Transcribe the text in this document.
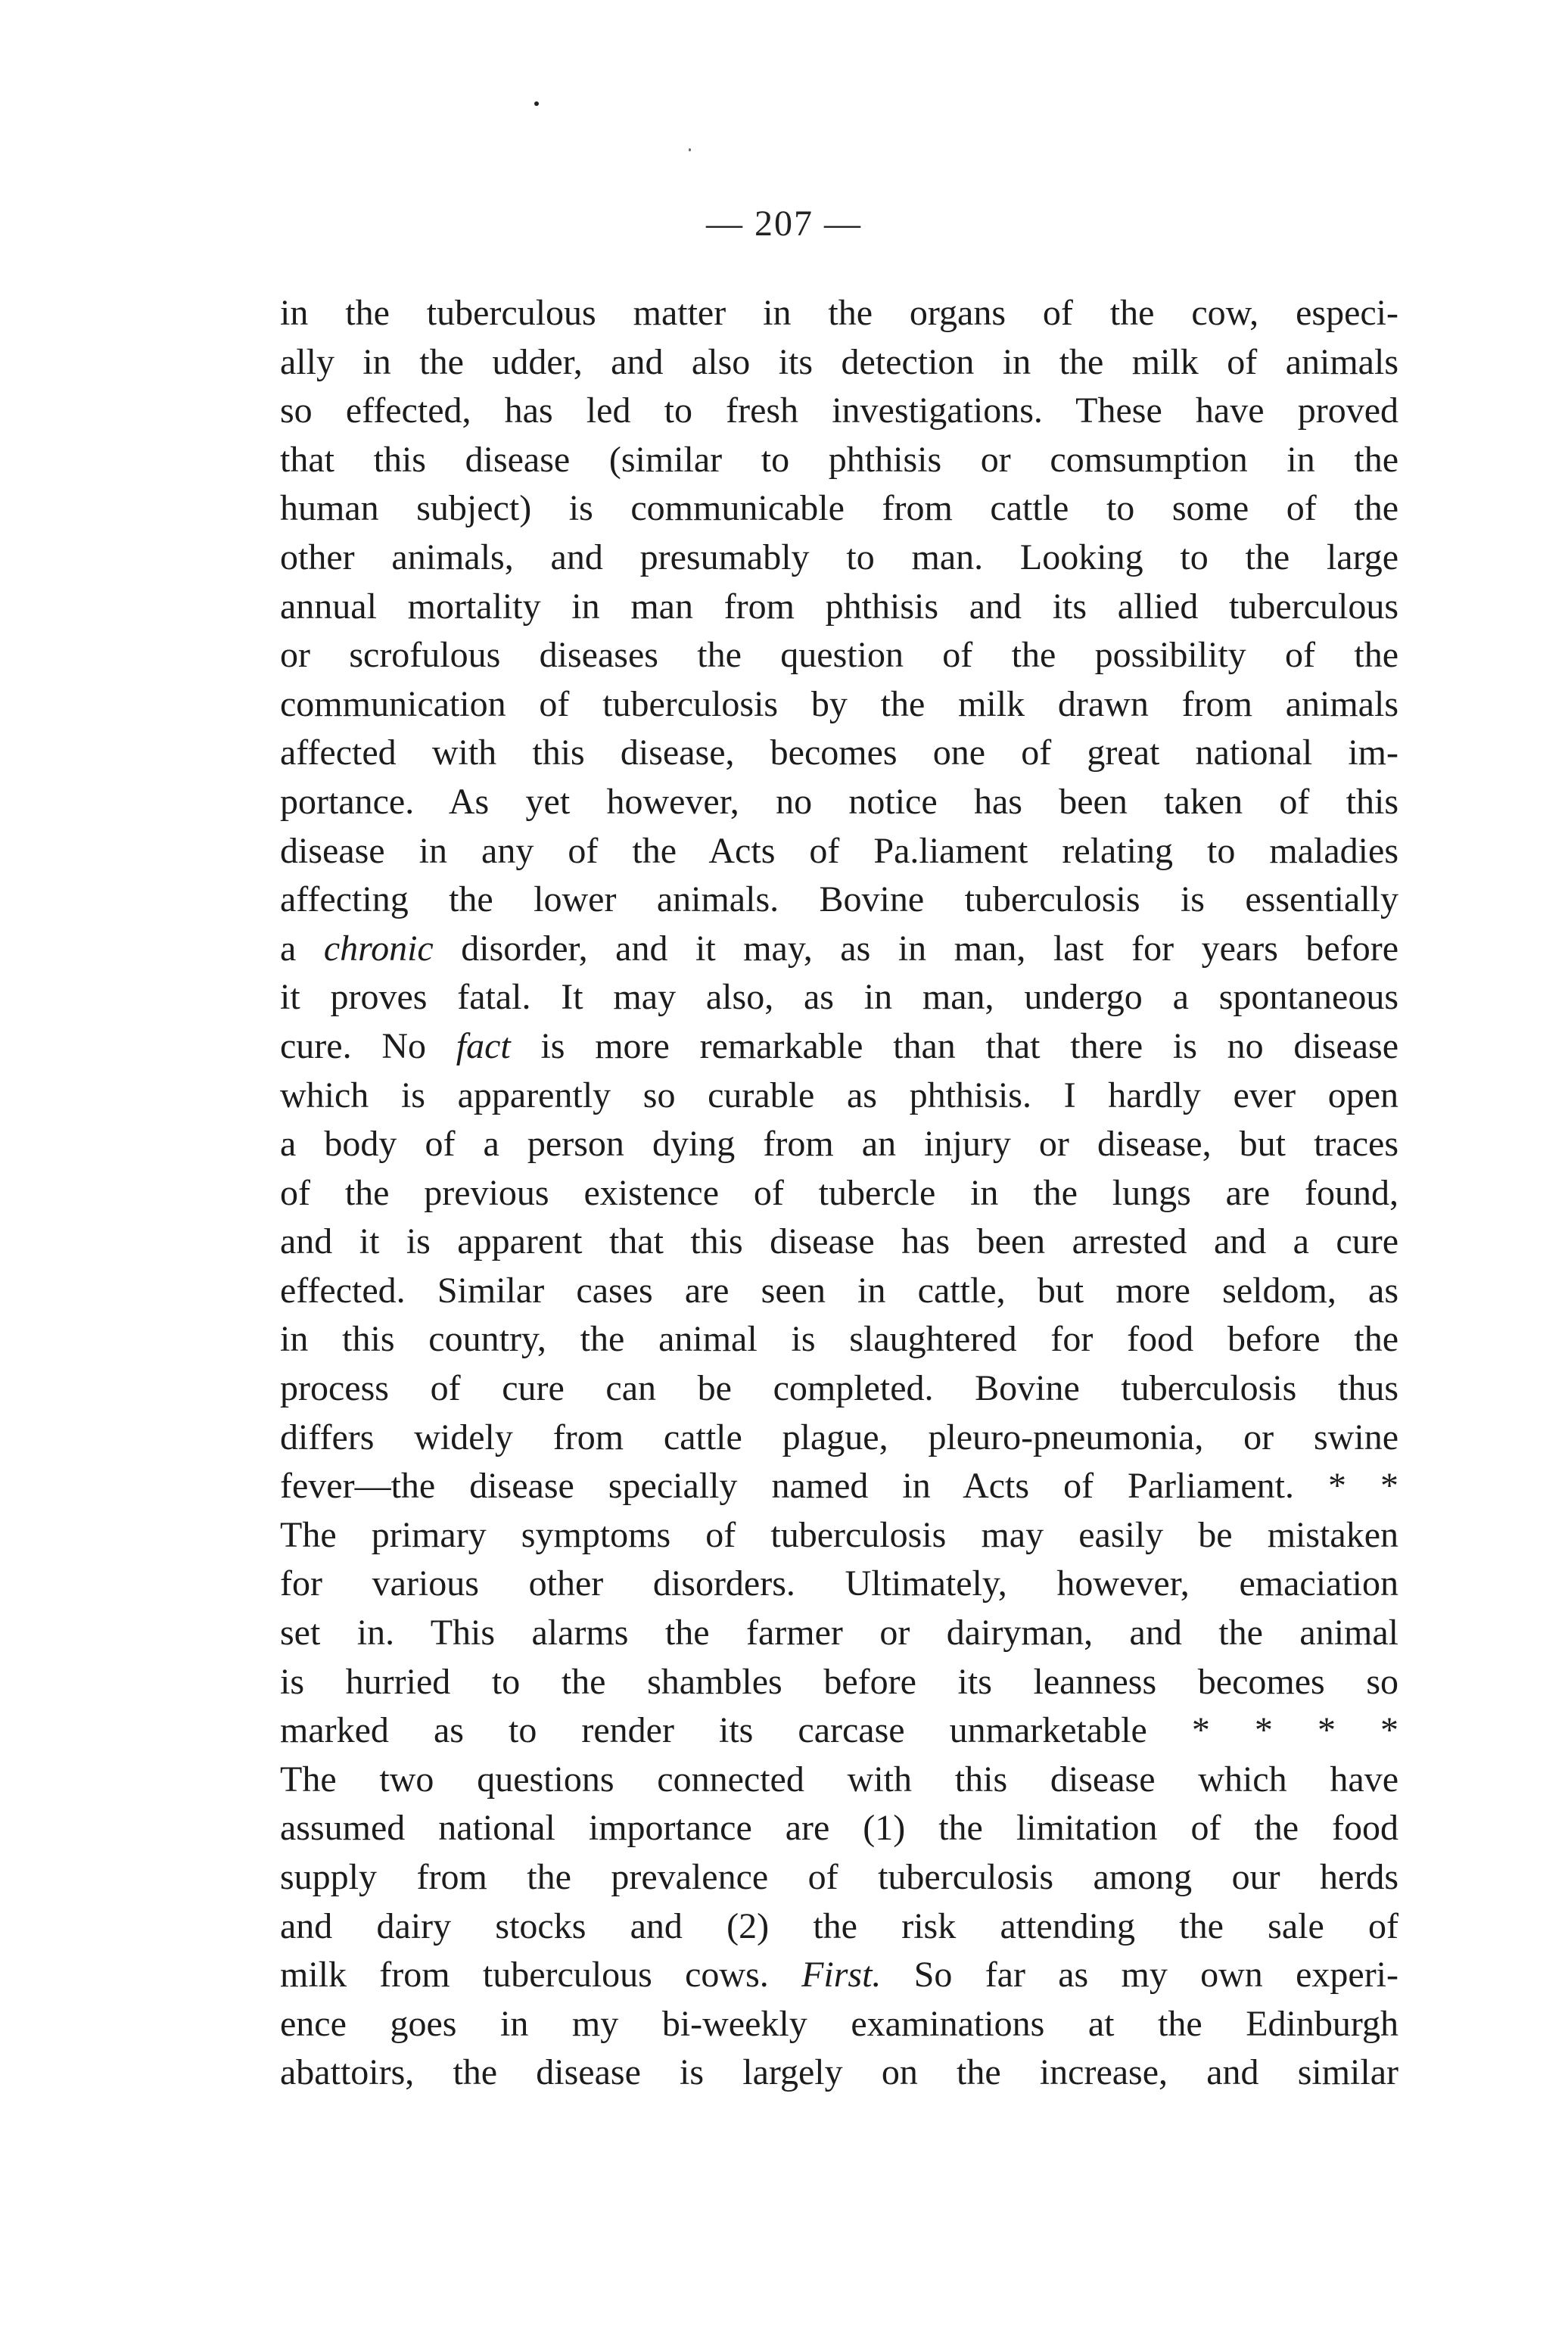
— 207 —
in the tuberculous matter in the organs of the cow, especi-
ally in the udder, and also its detection in the milk of animals
so effected, has led to fresh investigations. These have proved
that this disease (similar to phthisis or comsumption in the
human subject) is communicable from cattle to some of the
other animals, and presumably to man. Looking to the large
annual mortality in man from phthisis and its allied tuberculous
or scrofulous diseases the question of the possibility of the
communication of tuberculosis by the milk drawn from animals
affected with this disease, becomes one of great national im-
portance. As yet however, no notice has been taken of this
disease in any of the Acts of Pa.liament relating to maladies
affecting the lower animals. Bovine tuberculosis is essentially
a chronic disorder, and it may, as in man, last for years before
it proves fatal. It may also, as in man, undergo a spontaneous
cure. No fact is more remarkable than that there is no disease
which is apparently so curable as phthisis. I hardly ever open
a body of a person dying from an injury or disease, but traces
of the previous existence of tubercle in the lungs are found,
and it is apparent that this disease has been arrested and a cure
effected. Similar cases are seen in cattle, but more seldom, as
in this country, the animal is slaughtered for food before the
process of cure can be completed. Bovine tuberculosis thus
differs widely from cattle plague, pleuro-pneumonia, or swine
fever—the disease specially named in Acts of Parliament. * *
The primary symptoms of tuberculosis may easily be mistaken
for various other disorders. Ultimately, however, emaciation
set in. This alarms the farmer or dairyman, and the animal
is hurried to the shambles before its leanness becomes so
marked as to render its carcase unmarketable * * * *
The two questions connected with this disease which have
assumed national importance are (1) the limitation of the food
supply from the prevalence of tuberculosis among our herds
and dairy stocks and (2) the risk attending the sale of
milk from tuberculous cows. First. So far as my own experi-
ence goes in my bi-weekly examinations at the Edinburgh
abattoirs, the disease is largely on the increase, and similar
